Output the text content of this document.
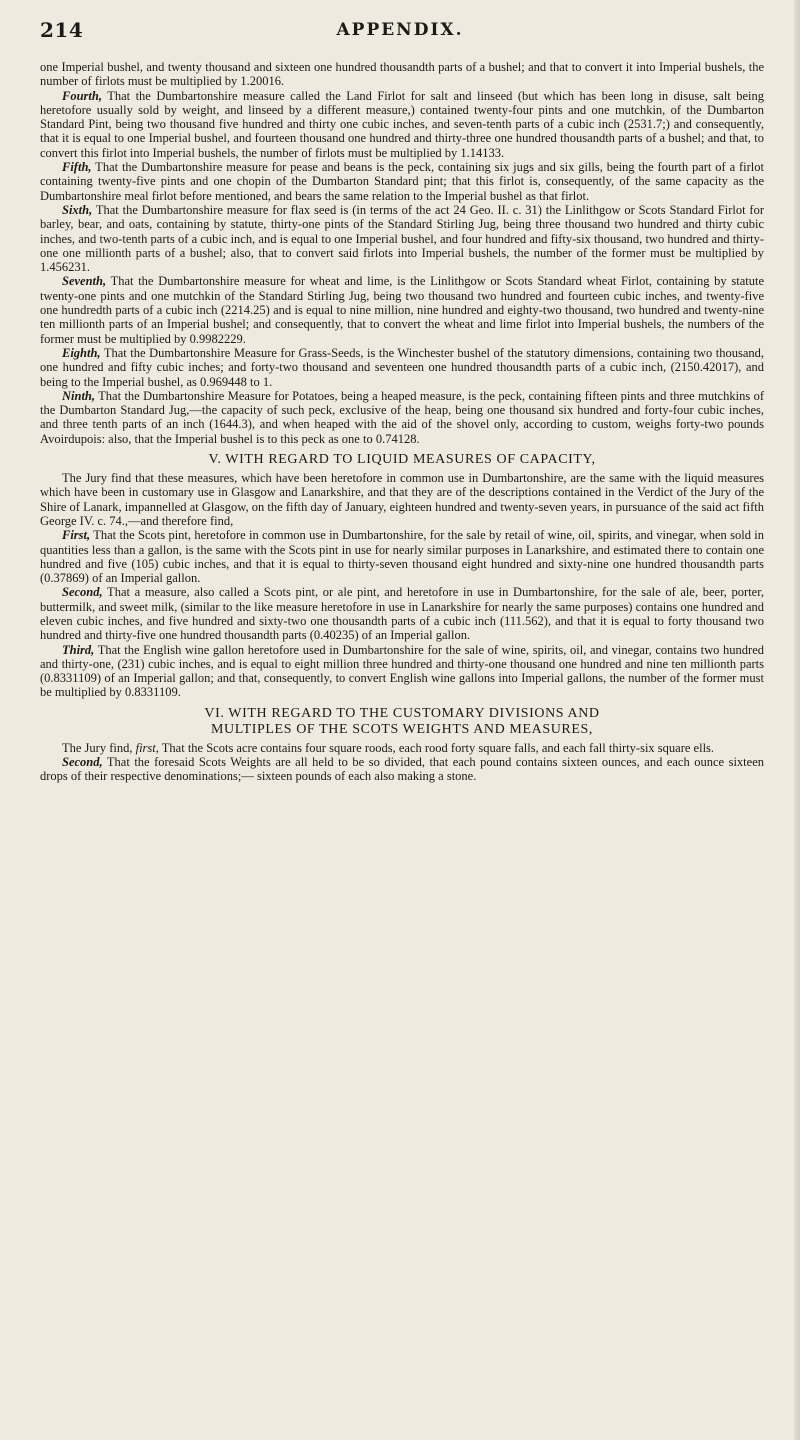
214	APPENDIX.

one Imperial bushel, and twenty thousand and sixteen one hundred thousandth parts of a bushel; and that to convert it into Imperial bushels, the number of firlots must be multiplied by 1.20016.

Fourth, That the Dumbartonshire measure called the Land Firlot for salt and linseed (but which has been long in disuse, salt being heretofore usually sold by weight, and linseed by a different measure,) contained twenty-four pints and one mutchkin, of the Dumbarton Standard Pint, being two thousand five hundred and thirty one cubic inches, and seven-tenth parts of a cubic inch (2531.7;) and consequently, that it is equal to one Imperial bushel, and fourteen thousand one hundred and thirty-three one hundred thousandth parts of a bushel; and that, to convert this firlot into Imperial bushels, the number of firlots must be multiplied by 1.14133.

Fifth, That the Dumbartonshire measure for pease and beans is the peck, containing six jugs and six gills, being the fourth part of a firlot containing twenty-five pints and one chopin of the Dumbarton Standard pint; that this firlot is, consequently, of the same capacity as the Dumbartonshire meal firlot before mentioned, and bears the same relation to the Imperial bushel as that firlot.

Sixth, That the Dumbartonshire measure for flax seed is (in terms of the act 24 Geo. II. c. 31) the Linlithgow or Scots Standard Firlot for barley, bear, and oats, containing by statute, thirty-one pints of the Standard Stirling Jug, being three thousand two hundred and thirty cubic inches, and two-tenth parts of a cubic inch, and is equal to one Imperial bushel, and four hundred and fifty-six thousand, two hundred and thirty-one one millionth parts of a bushel; also, that to convert said firlots into Imperial bushels, the number of the former must be multiplied by 1.456231.

Seventh, That the Dumbartonshire measure for wheat and lime, is the Linlithgow or Scots Standard wheat Firlot, containing by statute twenty-one pints and one mutchkin of the Standard Stirling Jug, being two thousand two hundred and fourteen cubic inches, and twenty-five one hundredth parts of a cubic inch (2214.25) and is equal to nine million, nine hundred and eighty-two thousand, two hundred and twenty-nine ten millionth parts of an Imperial bushel; and consequently, that to convert the wheat and lime firlot into Imperial bushels, the numbers of the former must be multiplied by 0.9982229.

Eighth, That the Dumbartonshire Measure for Grass-Seeds, is the Winchester bushel of the statutory dimensions, containing two thousand, one hundred and fifty cubic inches; and forty-two thousand and seventeen one hundred thousandth parts of a cubic inch, (2150.42017), and being to the Imperial bushel, as 0.969448 to 1.

Ninth, That the Dumbartonshire Measure for Potatoes, being a heaped measure, is the peck, containing fifteen pints and three mutchkins of the Dumbarton Standard Jug,—the capacity of such peck, exclusive of the heap, being one thousand six hundred and forty-four cubic inches, and three tenth parts of an inch (1644.3), and when heaped with the aid of the shovel only, according to custom, weighs forty-two pounds Avoirdupois: also, that the Imperial bushel is to this peck as one to 0.74128.

V. WITH REGARD TO LIQUID MEASURES OF CAPACITY,

The Jury find that these measures, which have been heretofore in common use in Dumbartonshire, are the same with the liquid measures which have been in customary use in Glasgow and Lanarkshire, and that they are of the descriptions contained in the Verdict of the Jury of the Shire of Lanark, impannelled at Glasgow, on the fifth day of January, eighteen hundred and twenty-seven years, in pursuance of the said act fifth George IV. c. 74.,—and therefore find,

First, That the Scots pint, heretofore in common use in Dumbartonshire, for the sale by retail of wine, oil, spirits, and vinegar, when sold in quantities less than a gallon, is the same with the Scots pint in use for nearly similar purposes in Lanarkshire, and estimated there to contain one hundred and five (105) cubic inches, and that it is equal to thirty-seven thousand eight hundred and sixty-nine one hundred thousandth parts (0.37869) of an Imperial gallon.

Second, That a measure, also called a Scots pint, or ale pint, and heretofore in use in Dumbartonshire, for the sale of ale, beer, porter, buttermilk, and sweet milk, (similar to the like measure heretofore in use in Lanarkshire for nearly the same purposes) contains one hundred and eleven cubic inches, and five hundred and sixty-two one thousandth parts of a cubic inch (111.562), and that it is equal to forty thousand two hundred and thirty-five one hundred thousandth parts (0.40235) of an Imperial gallon.

Third, That the English wine gallon heretofore used in Dumbartonshire for the sale of wine, spirits, oil, and vinegar, contains two hundred and thirty-one, (231) cubic inches, and is equal to eight million three hundred and thirty-one thousand one hundred and nine ten millionth parts (0.8331109) of an Imperial gallon; and that, consequently, to convert English wine gallons into Imperial gallons, the number of the former must be multiplied by 0.8331109.

VI. WITH REGARD TO THE CUSTOMARY DIVISIONS AND
MULTIPLES OF THE SCOTS WEIGHTS AND MEASURES,

The Jury find, first, That the Scots acre contains four square roods, each rood forty square falls, and each fall thirty-six square ells.

Second, That the foresaid Scots Weights are all held to be so divided, that each pound contains sixteen ounces, and each ounce sixteen drops of their respective denominations;— sixteen pounds of each also making a stone.
